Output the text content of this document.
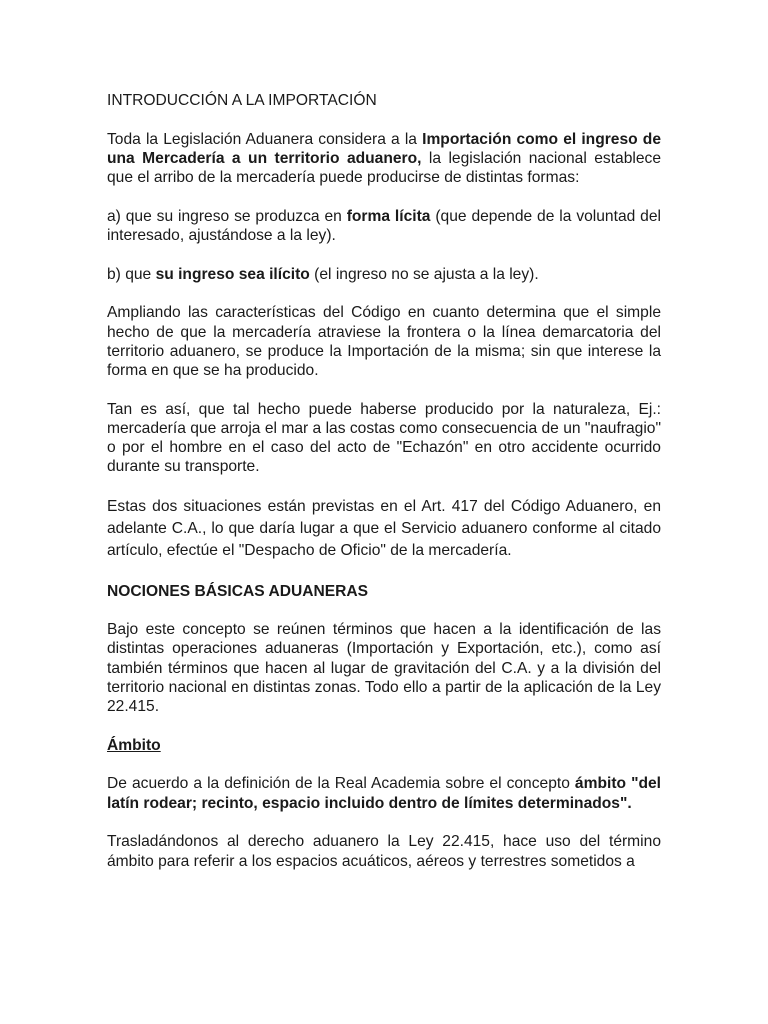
INTRODUCCIÓN A LA IMPORTACIÓN

Toda la Legislación Aduanera considera a la Importación como el ingreso de una Mercadería a un territorio aduanero, la legislación nacional establece que el arribo de la mercadería puede producirse de distintas formas:

a) que su ingreso se produzca en forma lícita (que depende de la voluntad del interesado, ajustándose a la ley).

b) que su ingreso sea ilícito (el ingreso no se ajusta a la ley).

Ampliando las características del Código en cuanto determina que el simple hecho de que la mercadería atraviese la frontera o la línea demarcatoria del territorio aduanero, se produce la Importación de la misma; sin que interese la forma en que se ha producido.

Tan es así, que tal hecho puede haberse producido por la naturaleza, Ej.: mercadería que arroja el mar a las costas como consecuencia de un "naufragio" o por el hombre en el caso del acto de "Echazón" en otro accidente ocurrido durante su transporte.

Estas dos situaciones están previstas en el Art. 417 del Código Aduanero, en adelante C.A., lo que daría lugar a que el Servicio aduanero conforme al citado artículo, efectúe el "Despacho de Oficio" de la mercadería.

NOCIONES BÁSICAS ADUANERAS

Bajo este concepto se reúnen términos que hacen a la identificación de las distintas operaciones aduaneras (Importación y Exportación, etc.), como así también términos que hacen al lugar de gravitación del C.A. y a la división del territorio nacional en distintas zonas. Todo ello a partir de la aplicación de la Ley 22.415.

Ámbito

De acuerdo a la definición de la Real Academia sobre el concepto ámbito "del latín rodear; recinto, espacio incluido dentro de límites determinados".

Trasladándonos al derecho aduanero la Ley 22.415, hace uso del término ámbito para referir a los espacios acuáticos, aéreos y terrestres sometidos a
